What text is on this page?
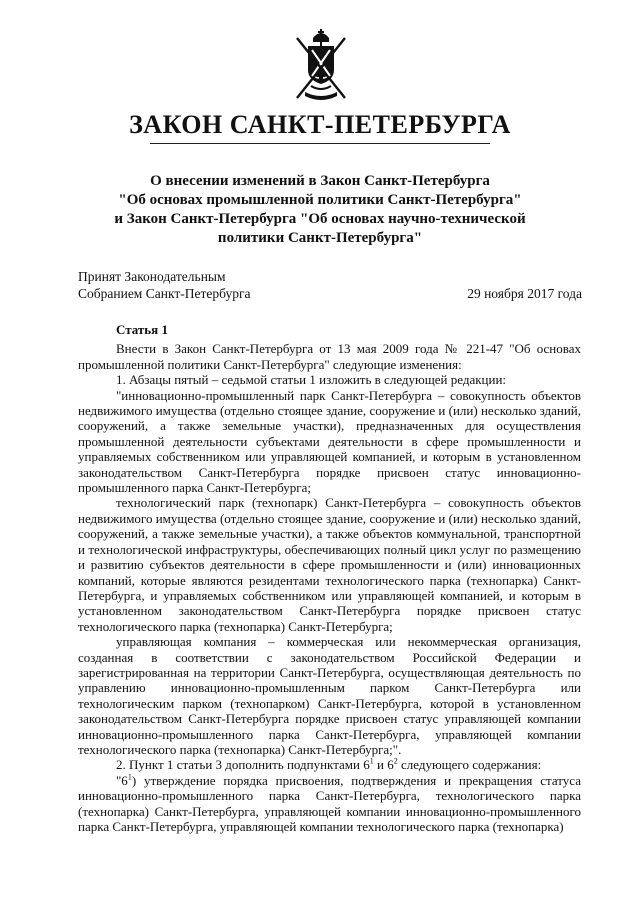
ЗАКОН САНКТ-ПЕТЕРБУРГА
О внесении изменений в Закон Санкт-Петербурга
"Об основах промышленной политики Санкт-Петербурга"
и Закон Санкт-Петербурга "Об основах научно-технической
политики Санкт-Петербурга"
Принят Законодательным
Собранием Санкт-Петербурга	29 ноября 2017 года
Статья 1

Внести в Закон Санкт-Петербурга от 13 мая 2009 года № 221-47 "Об основах промышленной политики Санкт-Петербурга" следующие изменения:

1. Абзацы пятый – седьмой статьи 1 изложить в следующей редакции:

"инновационно-промышленный парк Санкт-Петербурга – совокупность объектов недвижимого имущества (отдельно стоящее здание, сооружение и (или) несколько зданий, сооружений, а также земельные участки), предназначенных для осуществления промышленной деятельности субъектами деятельности в сфере промышленности и управляемых собственником или управляющей компанией, и которым в установленном законодательством Санкт-Петербурга порядке присвоен статус инновационно-промышленного парка Санкт-Петербурга;

технологический парк (технопарк) Санкт-Петербурга – совокупность объектов недвижимого имущества (отдельно стоящее здание, сооружение и (или) несколько зданий, сооружений, а также земельные участки), а также объектов коммунальной, транспортной и технологической инфраструктуры, обеспечивающих полный цикл услуг по размещению и развитию субъектов деятельности в сфере промышленности и (или) инновационных компаний, которые являются резидентами технологического парка (технопарка) Санкт-Петербурга, и управляемых собственником или управляющей компанией, и которым в установленном законодательством Санкт-Петербурга порядке присвоен статус технологического парка (технопарка) Санкт-Петербурга;

управляющая компания – коммерческая или некоммерческая организация, созданная в соответствии с законодательством Российской Федерации и зарегистрированная на территории Санкт-Петербурга, осуществляющая деятельность по управлению инновационно-промышленным парком Санкт-Петербурга или технологическим парком (технопарком) Санкт-Петербурга, которой в установленном законодательством Санкт-Петербурга порядке присвоен статус управляющей компании инновационно-промышленного парка Санкт-Петербурга, управляющей компании технологического парка (технопарка) Санкт-Петербурга;".

2. Пункт 1 статьи 3 дополнить подпунктами $6^1$ и $6^2$ следующего содержания:

"$6^1$) утверждение порядка присвоения, подтверждения и прекращения статуса инновационно-промышленного парка Санкт-Петербурга, технологического парка (технопарка) Санкт-Петербурга, управляющей компании инновационно-промышленного парка Санкт-Петербурга, управляющей компании технологического парка (технопарка)
